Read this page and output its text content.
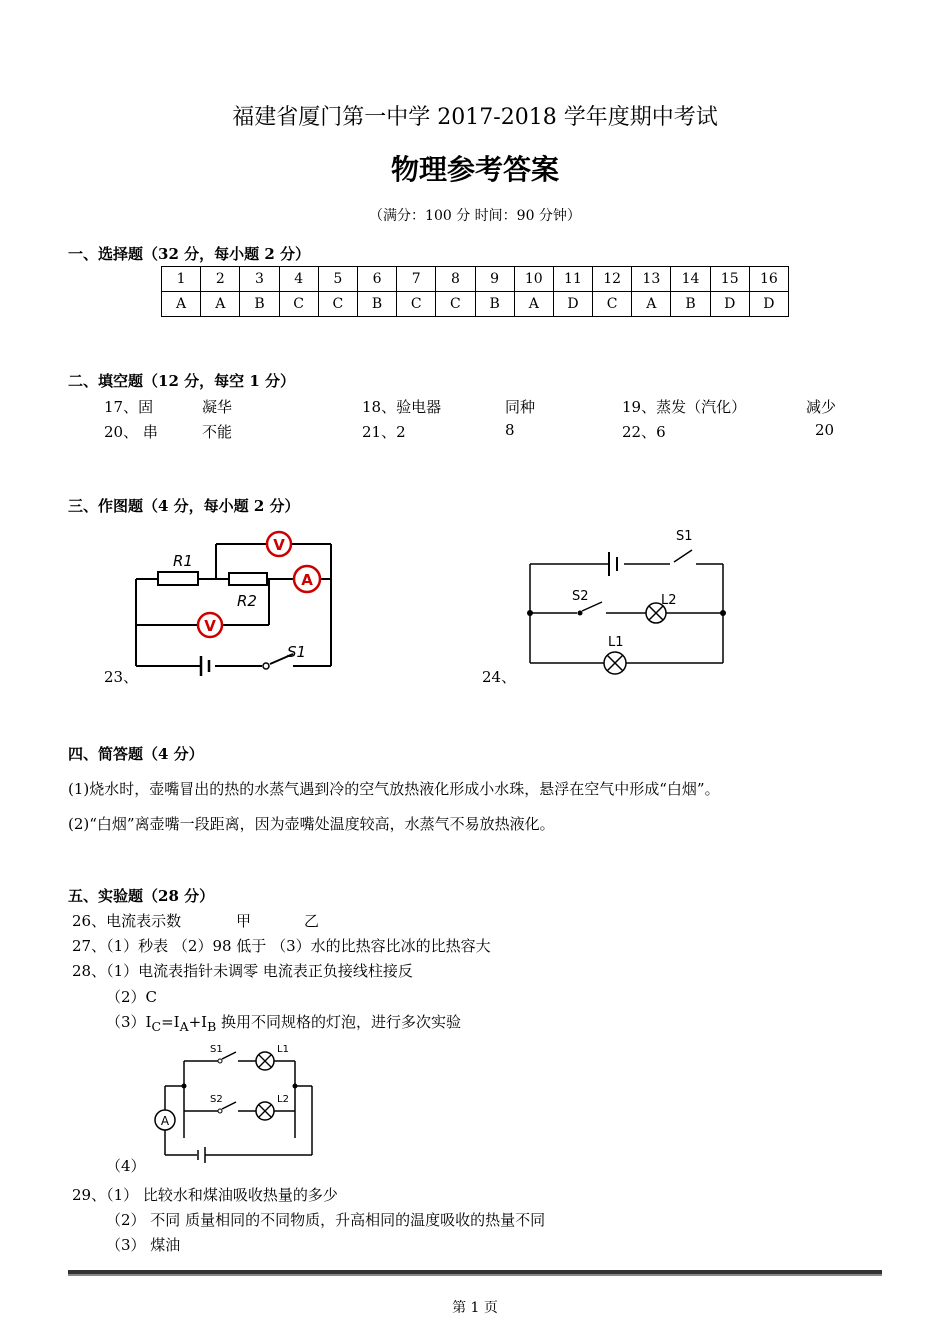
福建省厦门第一中学 2017-2018 学年度期中考试
物理参考答案
（满分：100 分 时间：90 分钟）
一、选择题（32 分，每小题 2 分）
1	2	3	4	5	6	7	8	9	10	11	12	13	14	15	16
A	A	B	C	C	B	C	C	B	A	D	C	A	B	D	D
二、填空题（12 分，每空 1 分）
17、固	凝华	18、验电器	同种	19、蒸发（汽化）	减少
20、 串	不能	21、2	8	22、6	20
三、作图题（4 分，每小题 2 分）
23、	24、
V
A
V
R1
R2
S1
S1
S2	L2
L1
四、简答题（4 分）
(1)烧水时，壶嘴冒出的热的水蒸气遇到冷的空气放热液化形成小水珠，悬浮在空气中形成“白烟”。
(2)“白烟”离壶嘴一段距离，因为壶嘴处温度较高，水蒸气不易放热液化。
五、实验题（28 分）
26、电流表示数	甲	乙
27、（1）秒表 （2）98 低于 （3）水的比热容比冰的比热容大
28、（1）电流表指针未调零 电流表正负接线柱接反
（2）C
$(3)I_C=I_A+I_B$ 换用不同规格的灯泡，进行多次实验
（4）
A
S1
S2
L1
L2
29、（1） 比较水和煤油吸收热量的多少
（2） 不同 质量相同的不同物质，升高相同的温度吸收的热量不同
（3） 煤油
第 1 页
